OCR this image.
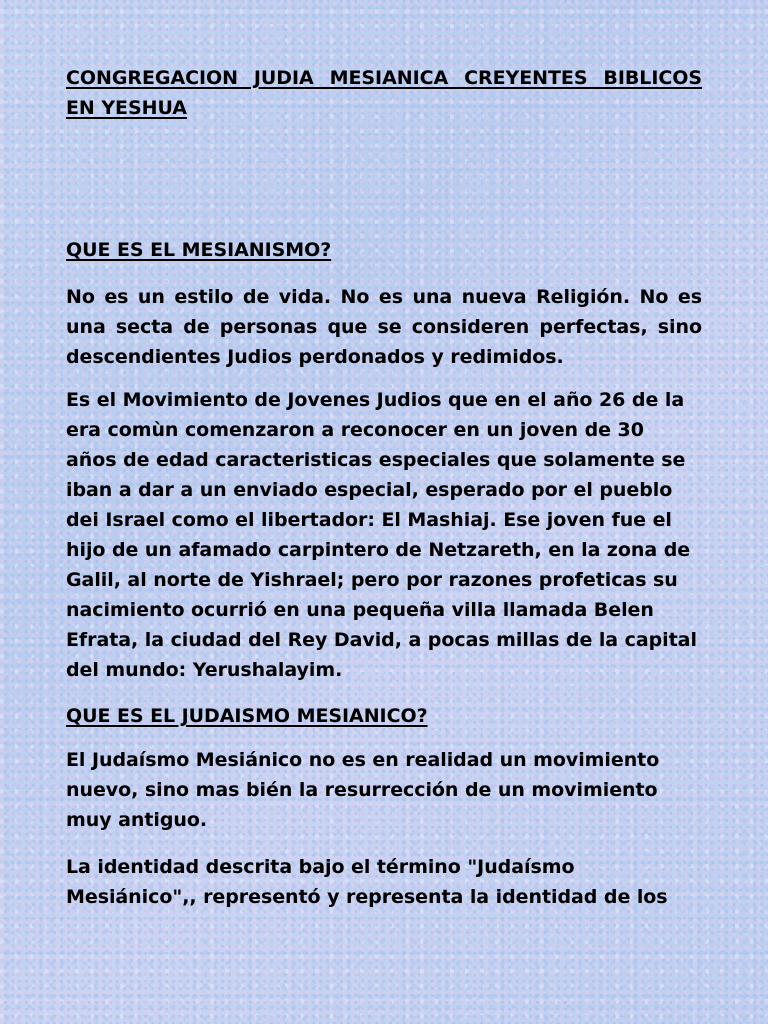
CONGREGACION JUDIA MESIANICA CREYENTES BIBLICOS
EN YESHUA
QUE ES EL MESIANISMO?
No es un estilo de vida. No es una nueva Religión. No es
una secta de personas que se consideren perfectas, sino
descendientes Judios perdonados y redimidos.
Es el Movimiento de Jovenes Judios que en el año 26 de la
era comùn comenzaron a reconocer en un joven de 30
años de edad caracteristicas especiales que solamente se
iban a dar a un enviado especial, esperado por el pueblo
dei Israel como el libertador: El Mashiaj. Ese joven fue el
hijo de un afamado carpintero de Netzareth, en la zona de
Galil, al norte de Yishrael; pero por razones profeticas su
nacimiento ocurrió en una pequeña villa llamada Belen
Efrata, la ciudad del Rey David, a pocas millas de la capital
del mundo: Yerushalayim.
QUE ES EL JUDAISMO MESIANICO?
El Judaísmo Mesiánico no es en realidad un movimiento
nuevo, sino mas bién la resurrección de un movimiento
muy antiguo.
La identidad descrita bajo el término "Judaísmo
Mesiánico",, representó y representa la identidad de los
